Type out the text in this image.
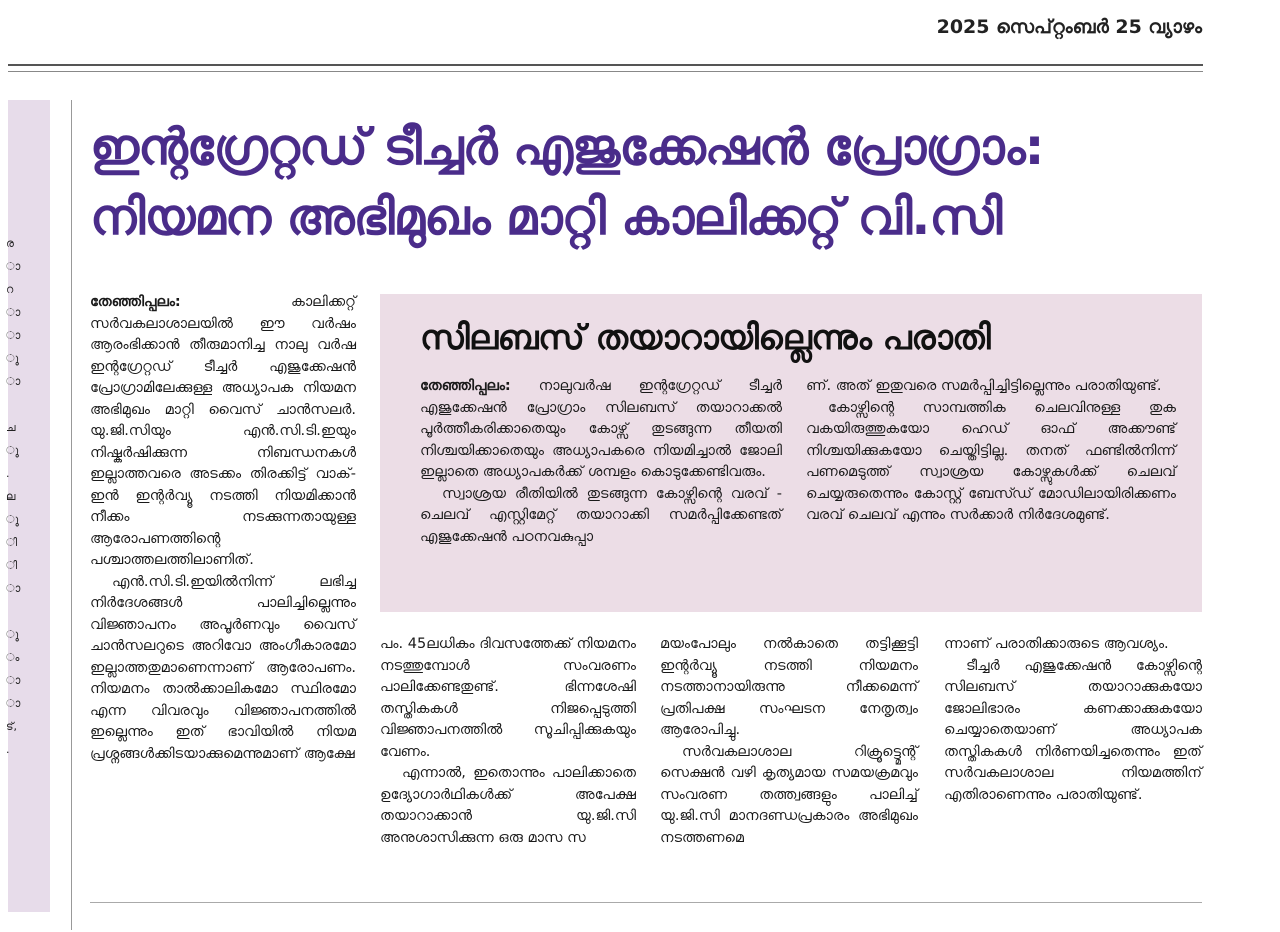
2025 സെപ്റ്റംബർ 25 വ്യാഴം
ര
ാ
റ
ാ
ാ
ു
ാ

ച
ു
.
ല
ു
ി
ി
ാ

ു
ം
ാ
ാ
ട്,
.
ഇന്റഗ്രേറ്റഡ് ടീച്ചർ എജുക്കേഷൻ പ്രോഗ്രാം:
നിയമന അഭിമുഖം മാറ്റി കാലിക്കറ്റ് വി.സി

തേഞ്ഞിപ്പലം:	കാലിക്കറ്റ് സർവകലാശാലയിൽ ഈ വർഷം ആരംഭിക്കാൻ തീരുമാനിച്ച നാലു വർഷ ഇന്റഗ്രേറ്റഡ് ടീച്ചർ എജുക്കേഷൻ പ്രോഗ്രാമിലേക്കുള്ള അധ്യാപക നിയമന അഭിമുഖം മാറ്റി വൈസ് ചാൻസലർ. യു.ജി.സിയും എൻ.സി.ടി.ഇയും നിഷ്കർഷിക്കുന്ന നിബന്ധനകൾ ഇല്ലാത്തവരെ അടക്കം തിരക്കിട്ട് വാക്-ഇൻ ഇന്റർവ്യൂ നടത്തി നിയമിക്കാൻ നീക്കം നടക്കുന്നതായുള്ള ആരോപണത്തിന്റെ പശ്ചാത്തലത്തിലാണിത്.

എൻ.സി.ടി.ഇയിൽനിന്ന് ലഭിച്ച നിർദേശങ്ങൾ പാലിച്ചില്ലെന്നും വിജ്ഞാപനം അപൂർണവും വൈസ് ചാൻസലറുടെ അറിവോ അംഗീകാരമോ ഇല്ലാത്തതുമാണെന്നാണ് ആരോപണം. നിയമനം താൽക്കാലികമോ സ്ഥിരമോ എന്ന വിവരവും വിജ്ഞാപനത്തിൽ ഇല്ലെന്നും ഇത് ഭാവിയിൽ നിയമ പ്രശ്നങ്ങൾക്കിടയാക്കുമെന്നുമാണ് ആക്ഷേ

സിലബസ് തയാറായില്ലെന്നും പരാതി

തേഞ്ഞിപ്പലം: നാലുവർഷ ഇന്റഗ്രേറ്റഡ് ടീച്ചർ എജുക്കേഷൻ പ്രോഗ്രാം സിലബസ് തയാറാക്കൽ പൂർത്തീകരിക്കാതെയും കോഴ്സ് തുടങ്ങുന്ന തീയതി നിശ്ചയിക്കാതെയും അധ്യാപകരെ നിയമിച്ചാൽ ജോലി ഇല്ലാതെ അധ്യാപകർക്ക് ശമ്പളം കൊടുക്കേണ്ടിവരും.

സ്വാശ്രയ രീതിയിൽ തുടങ്ങുന്ന കോഴ്സിന്റെ വരവ് - ചെലവ് എസ്റ്റിമേറ്റ് തയാറാക്കി സമർപ്പിക്കേണ്ടത് എജുക്കേഷൻ പഠനവകുപ്പാ

ണ്. അത് ഇതുവരെ സമർപ്പിച്ചിട്ടില്ലെന്നും പരാതിയുണ്ട്.

കോഴ്സിന്റെ സാമ്പത്തിക ചെലവിനുള്ള തുക വകയിരുത്തുകയോ ഹെഡ് ഓഫ് അക്കൗണ്ട് നിശ്ചയിക്കുകയോ ചെയ്തിട്ടില്ല. തനത് ഫണ്ടിൽനിന്ന് പണമെടുത്ത് സ്വാശ്രയ കോഴ്സുകൾക്ക് ചെലവ് ചെയ്യരുതെന്നും കോസ്റ്റ് ബേസ്ഡ് മോഡിലായിരിക്കണം വരവ് ചെലവ് എന്നും സർക്കാർ നിർദേശമുണ്ട്.

പം. 45ലധികം ദിവസത്തേക്ക് നിയമനം നടത്തുമ്പോൾ സംവരണം പാലിക്കേണ്ടതുണ്ട്. ഭിന്നശേഷി തസ്തികകൾ നിജപ്പെടുത്തി വിജ്ഞാപനത്തിൽ സൂചിപ്പിക്കുകയും വേണം.

എന്നാൽ, ഇതൊന്നും പാലിക്കാതെ ഉദ്യോഗാർഥികൾക്ക് അപേക്ഷ തയാറാക്കാൻ യു.ജി.സി അനുശാസിക്കുന്ന ഒരു മാസ സ

മയംപോലും നൽകാതെ തട്ടിക്കൂട്ടി ഇന്റർവ്യൂ നടത്തി നിയമനം നടത്താനായിരുന്നു നീക്കമെന്ന് പ്രതിപക്ഷ സംഘടന നേതൃത്വം ആരോപിച്ചു.

സർവകലാശാല റിക്രൂട്ട്മെന്റ് സെക്ഷൻ വഴി കൃത്യമായ സമയക്രമവും സംവരണ തത്ത്വങ്ങളും പാലിച്ച് യു.ജി.സി മാനദണ്ഡപ്രകാരം അഭിമുഖം നടത്തണമെ

ന്നാണ് പരാതിക്കാരുടെ ആവശ്യം.

ടീച്ചർ എജുക്കേഷൻ കോഴ്സിന്റെ സിലബസ് തയാറാക്കുകയോ ജോലിഭാരം കണക്കാക്കുകയോ ചെയ്യാതെയാണ് അധ്യാപക തസ്തികകൾ നിർണയിച്ചതെന്നും ഇത് സർവകലാശാല നിയമത്തിന് എതിരാണെന്നും പരാതിയുണ്ട്.
